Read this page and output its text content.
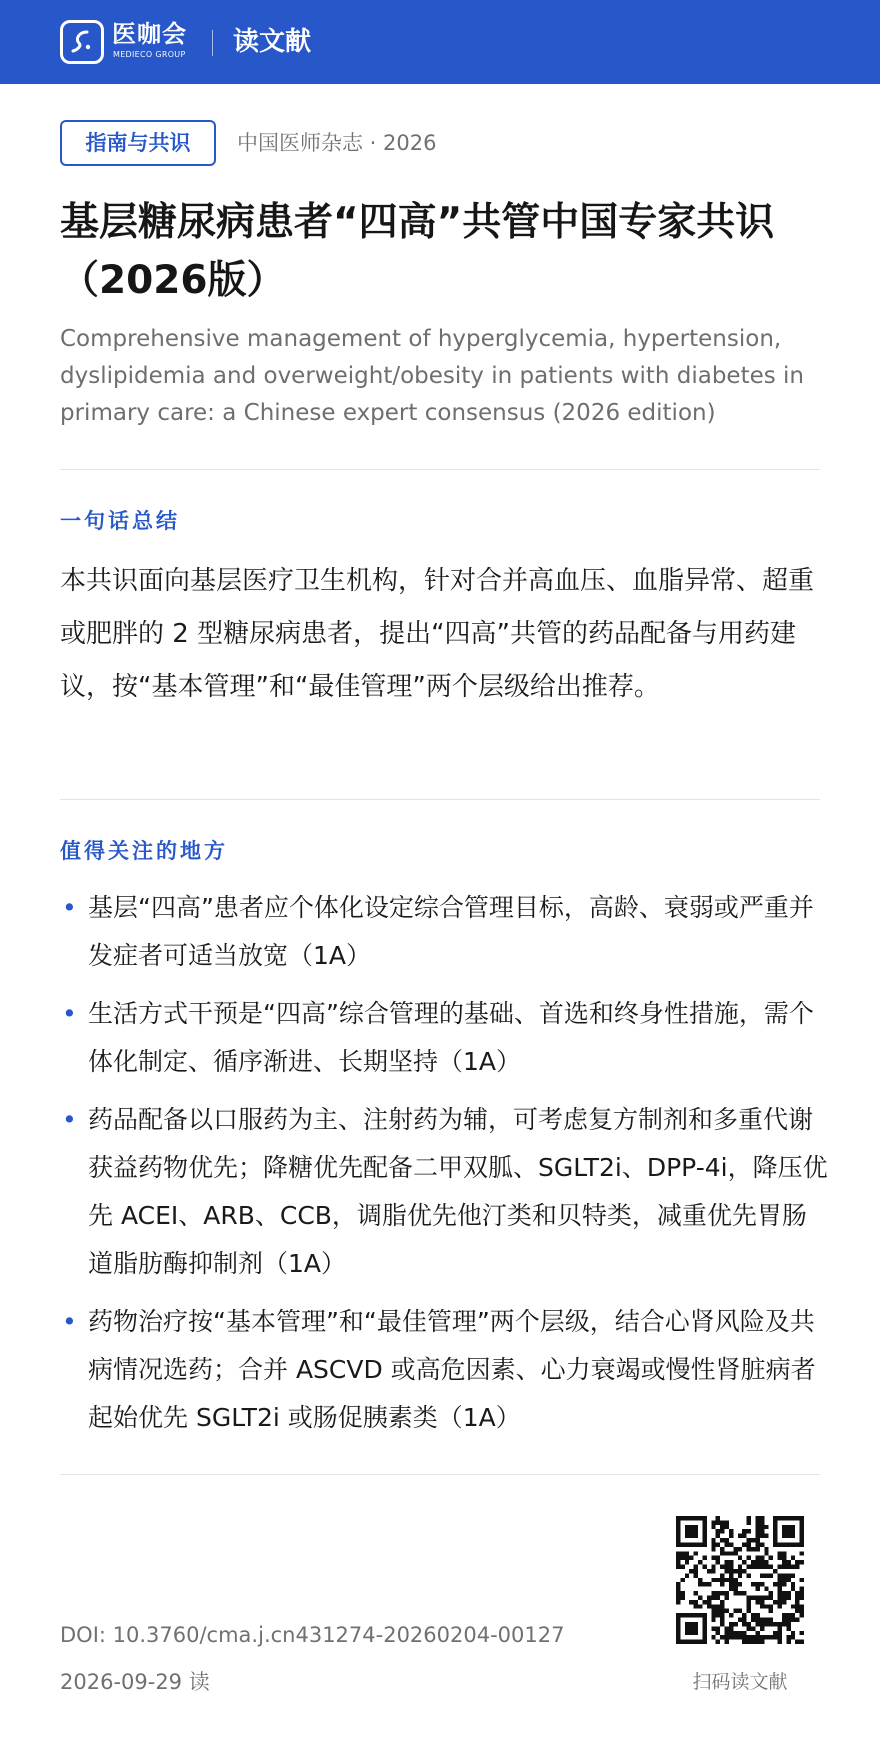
医咖会
MEDIECO GROUP 读文献
指南与共识	中国医师杂志 · 2026
基层糖尿病患者“四高”共管中国专家共识（2026版）

Comprehensive management of hyperglycemia, hypertension, dyslipidemia and overweight/obesity in patients with diabetes in primary care: a Chinese expert consensus (2026 edition)

一句话总结

本共识面向基层医疗卫生机构，针对合并高血压、血脂异常、超重或肥胖的 2 型糖尿病患者，提出“四高”共管的药品配备与用药建议，按“基本管理”和“最佳管理”两个层级给出推荐。

值得关注的地方
• 基层“四高”患者应个体化设定综合管理目标，高龄、衰弱或严重并发症者可适当放宽（1A）
• 生活方式干预是“四高”综合管理的基础、首选和终身性措施，需个体化制定、循序渐进、长期坚持（1A）
• 药品配备以口服药为主、注射药为辅，可考虑复方制剂和多重代谢获益药物优先；降糖优先配备二甲双胍、SGLT2i、DPP-4i，降压优先 ACEI、ARB、CCB，调脂优先他汀类和贝特类，减重优先胃肠道脂肪酶抑制剂（1A）
• 药物治疗按“基本管理”和“最佳管理”两个层级，结合心肾风险及共病情况选药；合并 ASCVD 或高危因素、心力衰竭或慢性肾脏病者起始优先 SGLT2i 或肠促胰素类（1A）
DOI: 10.3760/cma.j.cn431274-20260204-00127
2026-09-29 读	扫码读文献
